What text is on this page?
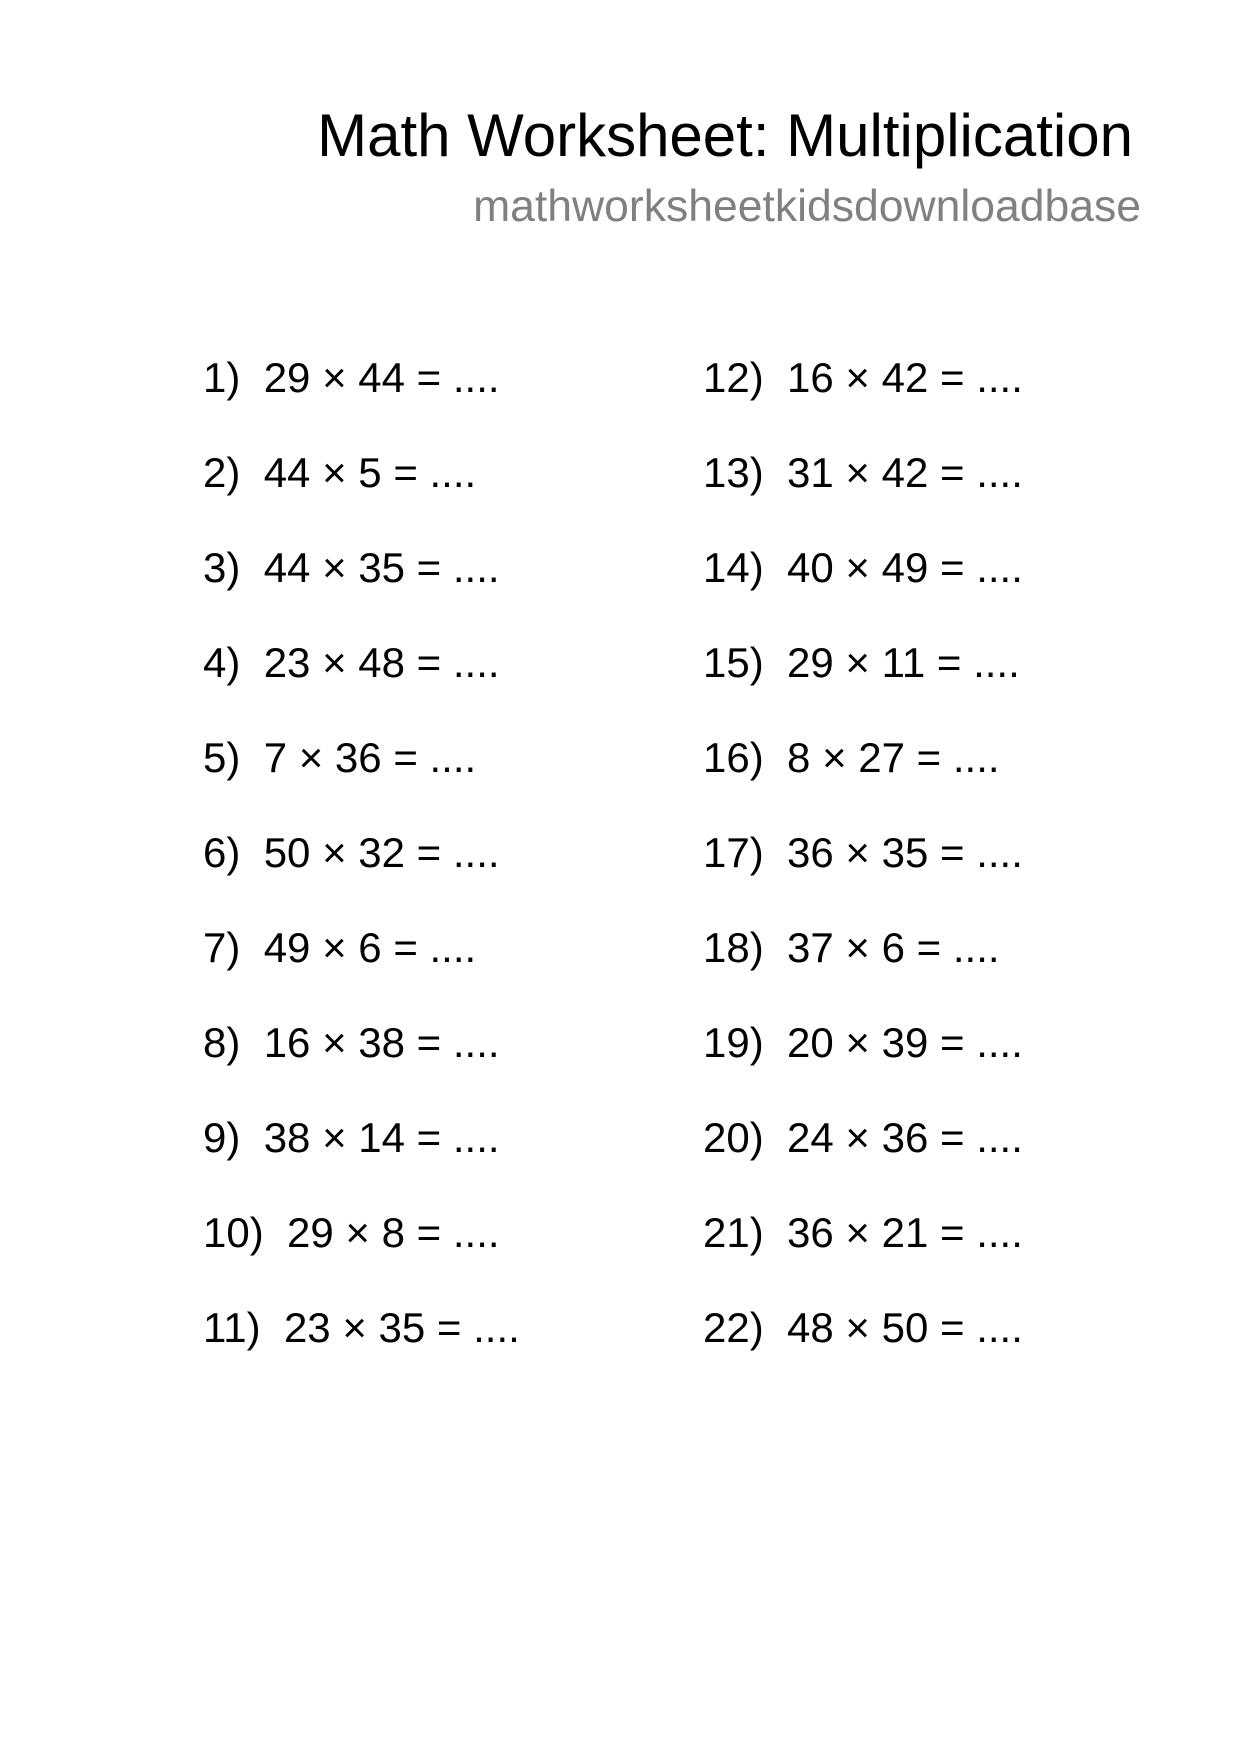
Math Worksheet: Multiplication
mathworksheetkidsdownloadbase
1) 29 × 44 = ....
2) 44 × 5 = ....
3) 44 × 35 = ....
4) 23 × 48 = ....
5) 7 × 36 = ....
6) 50 × 32 = ....
7) 49 × 6 = ....
8) 16 × 38 = ....
9) 38 × 14 = ....
10) 29 × 8 = ....
11) 23 × 35 = ....
12) 16 × 42 = ....
13) 31 × 42 = ....
14) 40 × 49 = ....
15) 29 × 11 = ....
16) 8 × 27 = ....
17) 36 × 35 = ....
18) 37 × 6 = ....
19) 20 × 39 = ....
20) 24 × 36 = ....
21) 36 × 21 = ....
22) 48 × 50 = ....
